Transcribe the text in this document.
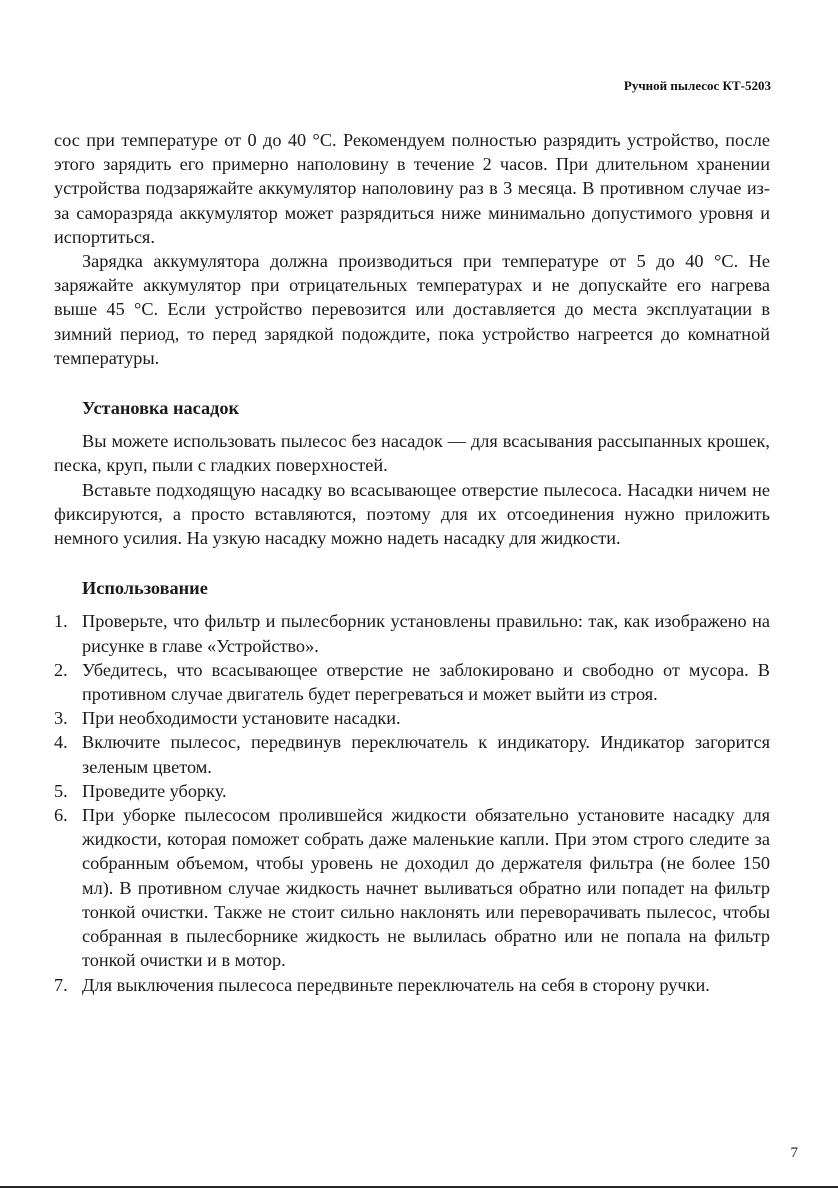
Ручной пылесос КТ-5203

сос при температуре от 0 до 40 °C. Рекомендуем полностью разрядить устройство, после этого зарядить его примерно наполовину в течение 2 часов. При длительном хранении устройства подзаряжайте аккумулятор наполовину раз в 3 месяца. В противном случае из-за саморазряда аккумулятор может разрядиться ниже минимально допустимого уровня и испортиться.

Зарядка аккумулятора должна производиться при температуре от 5 до 40 °C. Не заряжайте аккумулятор при отрицательных температурах и не допускайте его нагрева выше 45 °C. Если устройство перевозится или доставляется до места эксплуатации в зимний период, то перед зарядкой подождите, пока устройство нагреется до комнатной температуры.

Установка насадок

Вы можете использовать пылесос без насадок — для всасывания рассыпанных крошек, песка, круп, пыли с гладких поверхностей.

Вставьте подходящую насадку во всасывающее отверстие пылесоса. Насадки ничем не фиксируются, а просто вставляются, поэтому для их отсоединения нужно приложить немного усилия. На узкую насадку можно надеть насадку для жидкости.

Использование
1. Проверьте, что фильтр и пылесборник установлены правильно: так, как изображено на рисунке в главе «Устройство».
2. Убедитесь, что всасывающее отверстие не заблокировано и свободно от мусора. В противном случае двигатель будет перегреваться и может выйти из строя.
3. При необходимости установите насадки.
4. Включите пылесос, передвинув переключатель к индикатору. Индикатор загорится зеленым цветом.
5. Проведите уборку.
6. При уборке пылесосом пролившейся жидкости обязательно установите насадку для жидкости, которая поможет собрать даже маленькие капли. При этом строго следите за собранным объемом, чтобы уровень не доходил до держателя фильтра (не более 150 мл). В противном случае жидкость начнет выливаться обратно или попадет на фильтр тонкой очистки. Также не стоит сильно наклонять или переворачивать пылесос, чтобы собранная в пылесборнике жидкость не вылилась обратно или не попала на фильтр тонкой очистки и в мотор.
7. Для выключения пылесоса передвиньте переключатель на себя в сторону ручки.
7
